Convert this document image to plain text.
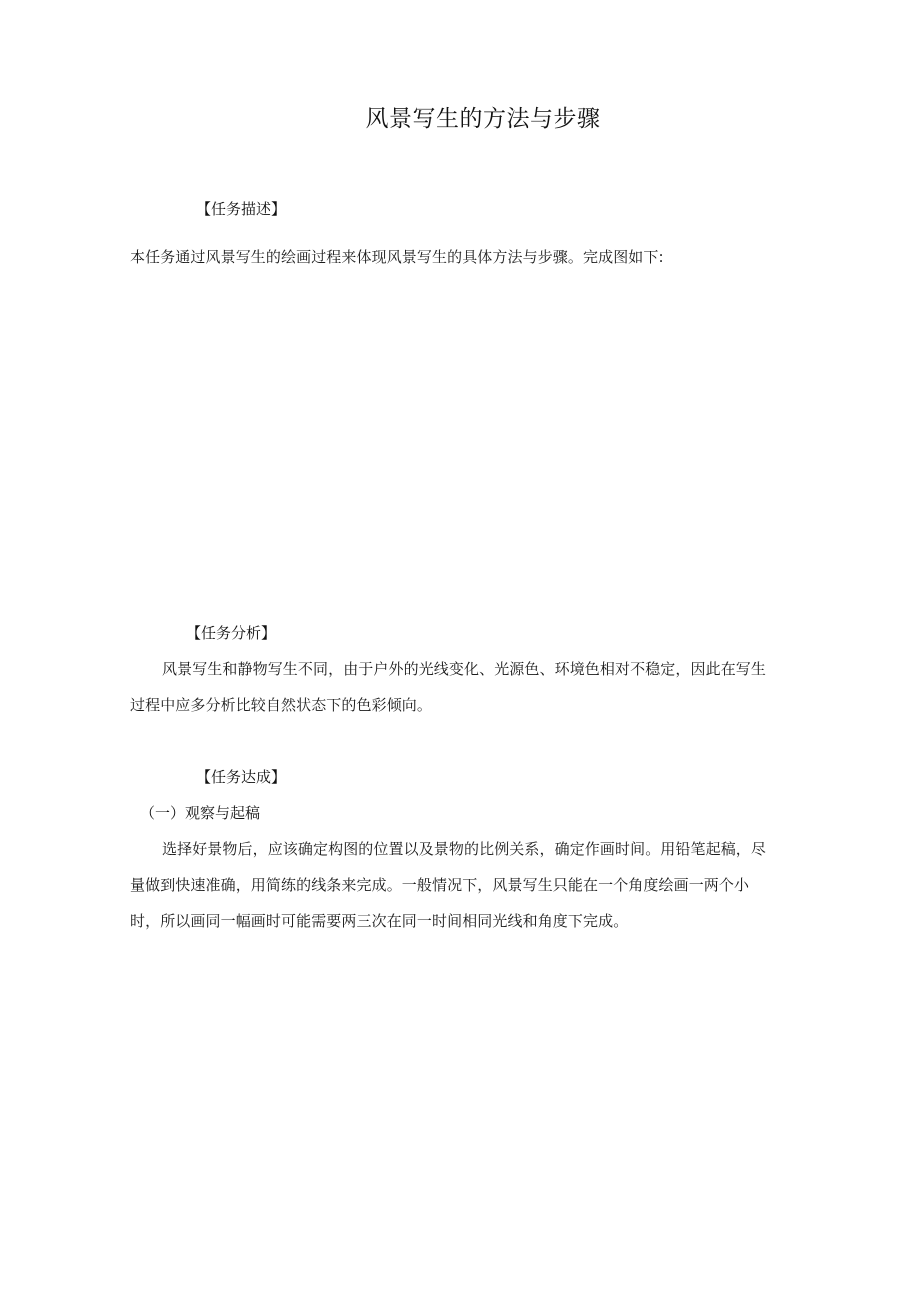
风景写生的方法与步骤
【任务描述】
本任务通过风景写生的绘画过程来体现风景写生的具体方法与步骤。完成图如下:
【任务分析】
风景写生和静物写生不同，由于户外的光线变化、光源色、环境色相对不稳定，因此在写生
过程中应多分析比较自然状态下的色彩倾向。
【任务达成】
（一）观察与起稿
选择好景物后，应该确定构图的位置以及景物的比例关系，确定作画时间。用铅笔起稿，尽
量做到快速准确，用简练的线条来完成。一般情况下，风景写生只能在一个角度绘画一两个小
时，所以画同一幅画时可能需要两三次在同一时间相同光线和角度下完成。
